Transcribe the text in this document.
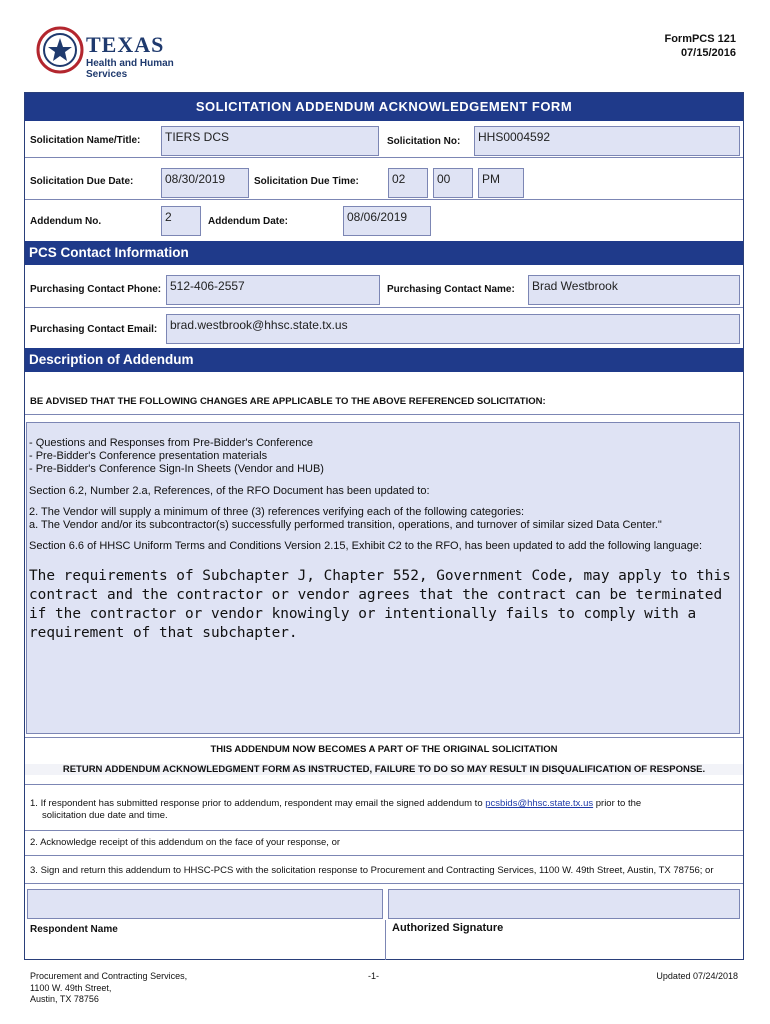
TEXAS
Health and Human Services
FormPCS 121
07/15/2016
SOLICITATION ADDENDUM ACKNOWLEDGEMENT FORM
Solicitation Name/Title:	TIERS DCS	Solicitation No:	HHS0004592
Solicitation Due Date:	08/30/2019	Solicitation Due Time:	02	00	PM
Addendum No.	2	Addendum Date:	08/06/2019
PCS Contact Information
Purchasing Contact Phone: 512-406-2557	Purchasing Contact Name:	Brad Westbrook
Purchasing Contact Email:	brad.westbrook@hhsc.state.tx.us
Description of Addendum
BE ADVISED THAT THE FOLLOWING CHANGES ARE APPLICABLE TO THE ABOVE REFERENCED SOLICITATION:
- Questions and Responses from Pre-Bidder's Conference
- Pre-Bidder's Conference presentation materials
- Pre-Bidder's Conference Sign-In Sheets (Vendor and HUB)

Section 6.2, Number 2.a, References, of the RFO Document has been updated to:

2. The Vendor will supply a minimum of three (3) references verifying each of the following categories:

a. The Vendor and/or its subcontractor(s) successfully performed transition, operations, and turnover of similar sized Data Center."

Section 6.6 of HHSC Uniform Terms and Conditions Version 2.15, Exhibit C2 to the RFO, has been updated to add the following language:

The requirements of Subchapter J, Chapter 552, Government Code, may apply to this contract and the contractor or vendor agrees that the contract can be terminated if the contractor or vendor knowingly or intentionally fails to comply with a requirement of that subchapter.
THIS ADDENDUM NOW BECOMES A PART OF THE ORIGINAL SOLICITATION
RETURN ADDENDUM ACKNOWLEDGMENT FORM AS INSTRUCTED, FAILURE TO DO SO MAY RESULT IN DISQUALIFICATION OF RESPONSE.
1. If respondent has submitted response prior to addendum, respondent may email the signed addendum to pcsbids@hhsc.state.tx.us prior to the
solicitation due date and time.
2. Acknowledge receipt of this addendum on the face of your response, or
3. Sign and return this addendum to HHSC-PCS with the solicitation response to Procurement and Contracting Services, 1100 W. 49th Street, Austin, TX 78756; or
Respondent Name	Authorized Signature
Procurement and Contracting Services,
1100 W. 49th Street,
Austin, TX 78756
-1-	Updated 07/24/2018
